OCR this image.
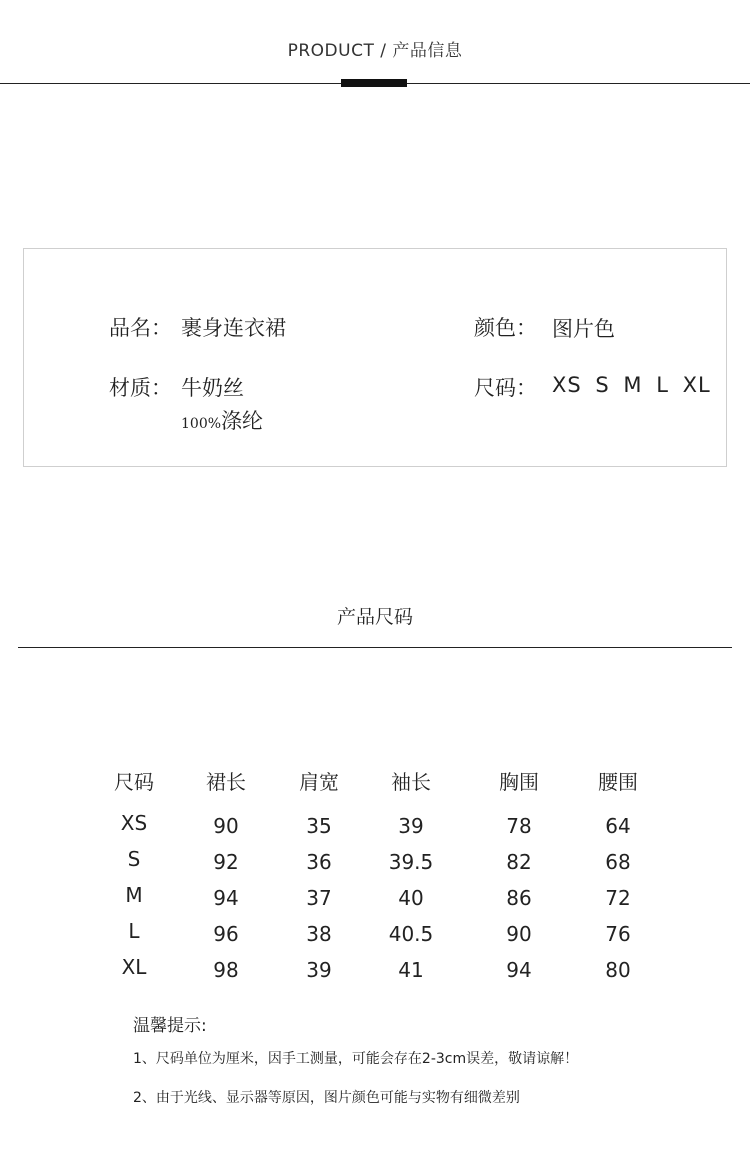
PRODUCT / 产品信息
品名： 裹身连衣裙
材质： 牛奶丝
100%涤纶
颜色： 图片色
尺码： XS S M L XL
产品尺码
尺码	裙长	肩宽	袖长	胸围	腰围
XS	90	35	39	78	64
S	92	36	39.5	82	68
M	94	37	40	86	72
L	96	38	40.5	90	76
XL	98	39	41	94	80
温馨提示:
1、尺码单位为厘米，因手工测量，可能会存在2-3cm误差，敬请谅解！
2、由于光线、显示器等原因，图片颜色可能与实物有细微差别
